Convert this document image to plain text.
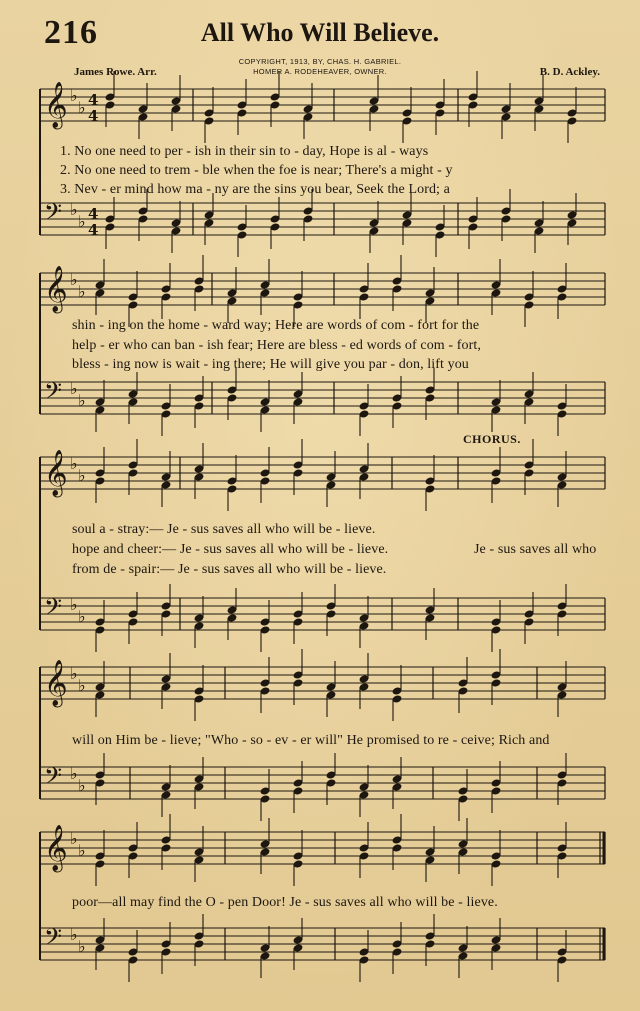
216	All Who Will Believe.
COPYRIGHT, 1913, BY, CHAS. H. GABRIEL.
HOMER A. RODEHEAVER, OWNER.
James Rowe. Arr.	B. D. Ackley.
𝄞 ♭
♭ 4
4
𝄢 ♭
♭ 4
4
𝄞 ♭
♭
𝄢 ♭
♭
𝄞 ♭
♭
𝄢 ♭
♭
𝄞 ♭
♭
𝄢 ♭
♭
𝄞 ♭
♭
𝄢 ♭
♭
1. No one need to per - ish in their sin to - day, Hope is al - ways
2. No one need to trem - ble when the foe is near; There's a might - y
3. Nev - er mind how ma - ny are the sins you bear, Seek the Lord; a
shin - ing on the home - ward way; Here are words of com - fort for the
help - er who can ban - ish fear; Here are bless - ed words of com - fort,
bless - ing now is wait - ing there; He will give you par - don, lift you
CHORUS.
soul a - stray:— Je - sus saves all who will be - lieve.
hope and cheer:— Je - sus saves all who will be - lieve.	Je - sus saves all who
from de - spair:— Je - sus saves all who will be - lieve.
will on Him be - lieve; "Who - so - ev - er will" He promised to re - ceive; Rich and
poor—all may find the O - pen Door! Je - sus saves all who will be - lieve.
